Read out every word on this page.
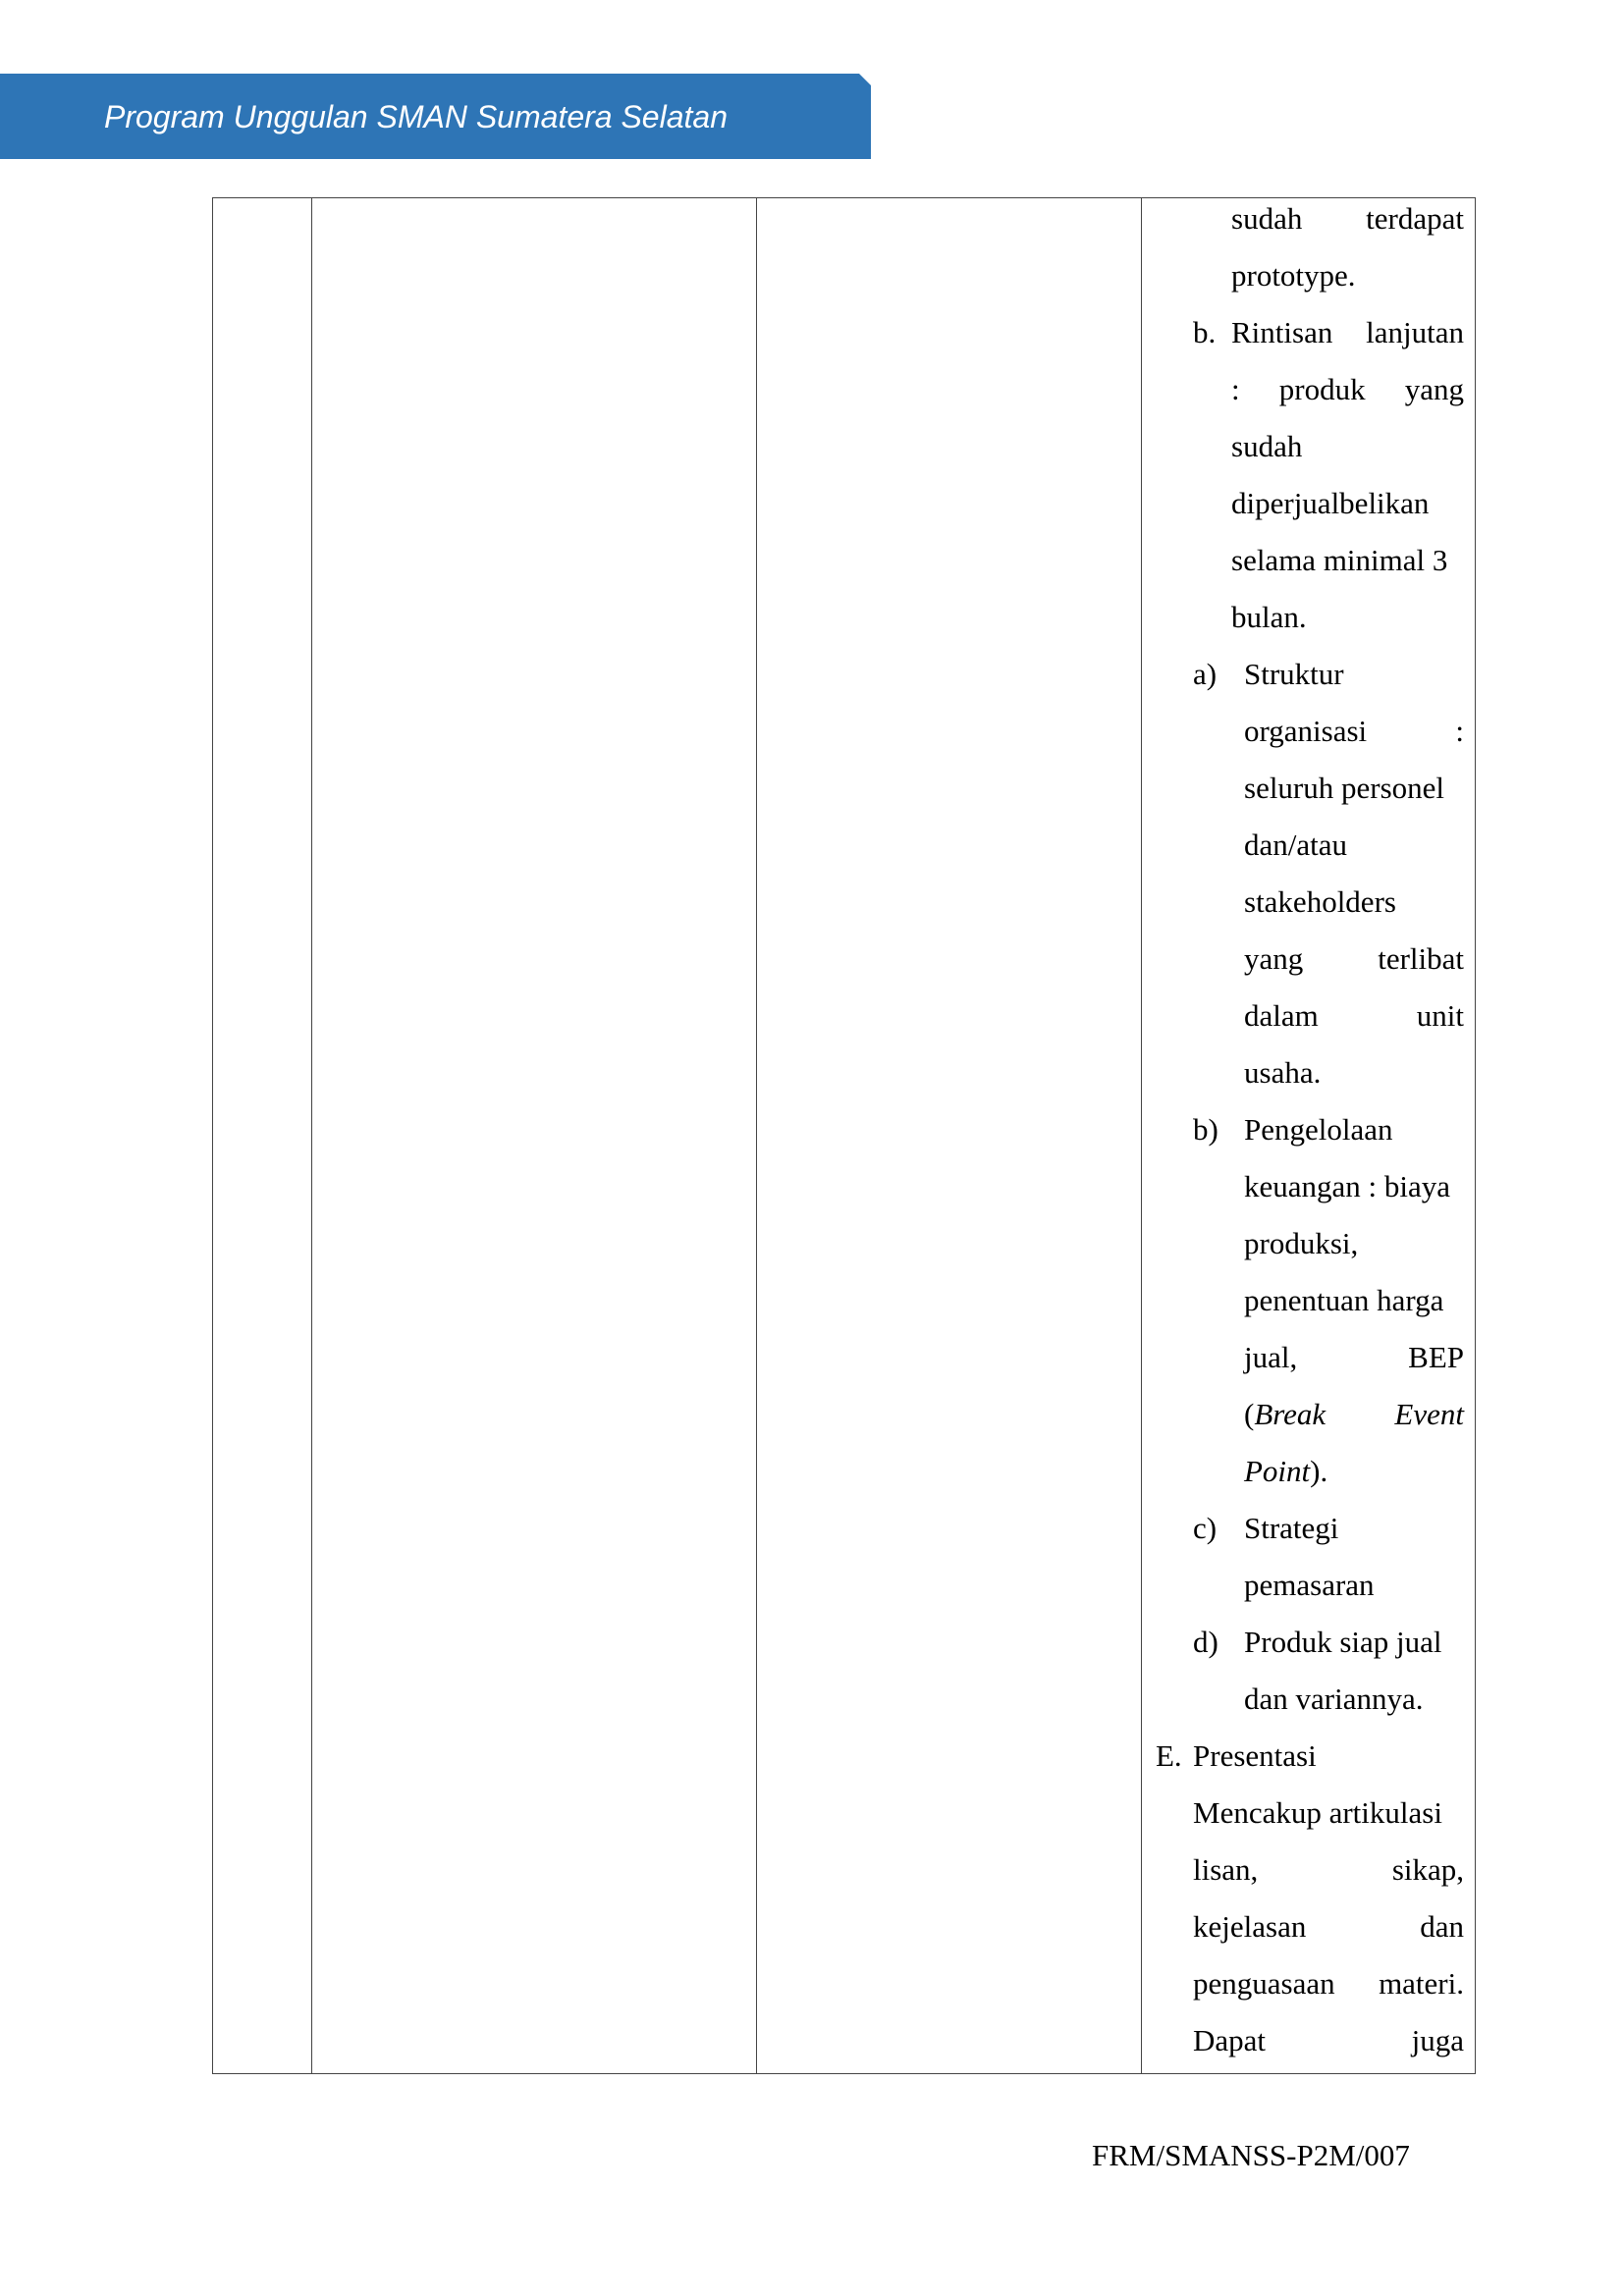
Program Unggulan SMAN Sumatera Selatan

sudah terdapat
prototype.
b. Rintisan lanjutan
: produk yang
sudah
diperjualbelikan
selama minimal 3
bulan.
a) Struktur
organisasi	:
seluruh personel
dan/atau
stakeholders
yang terlibat
dalam	unit
usaha.
b) Pengelolaan
keuangan : biaya
produksi,
penentuan harga
jual,	BEP
(Break Event
Point).
c) Strategi
pemasaran
d) Produk siap jual
dan variannya.
E. Presentasi
Mencakup artikulasi
lisan,	sikap,
kejelasan	dan
penguasaan materi.
Dapat	juga
FRM/SMANSS-P2M/007
